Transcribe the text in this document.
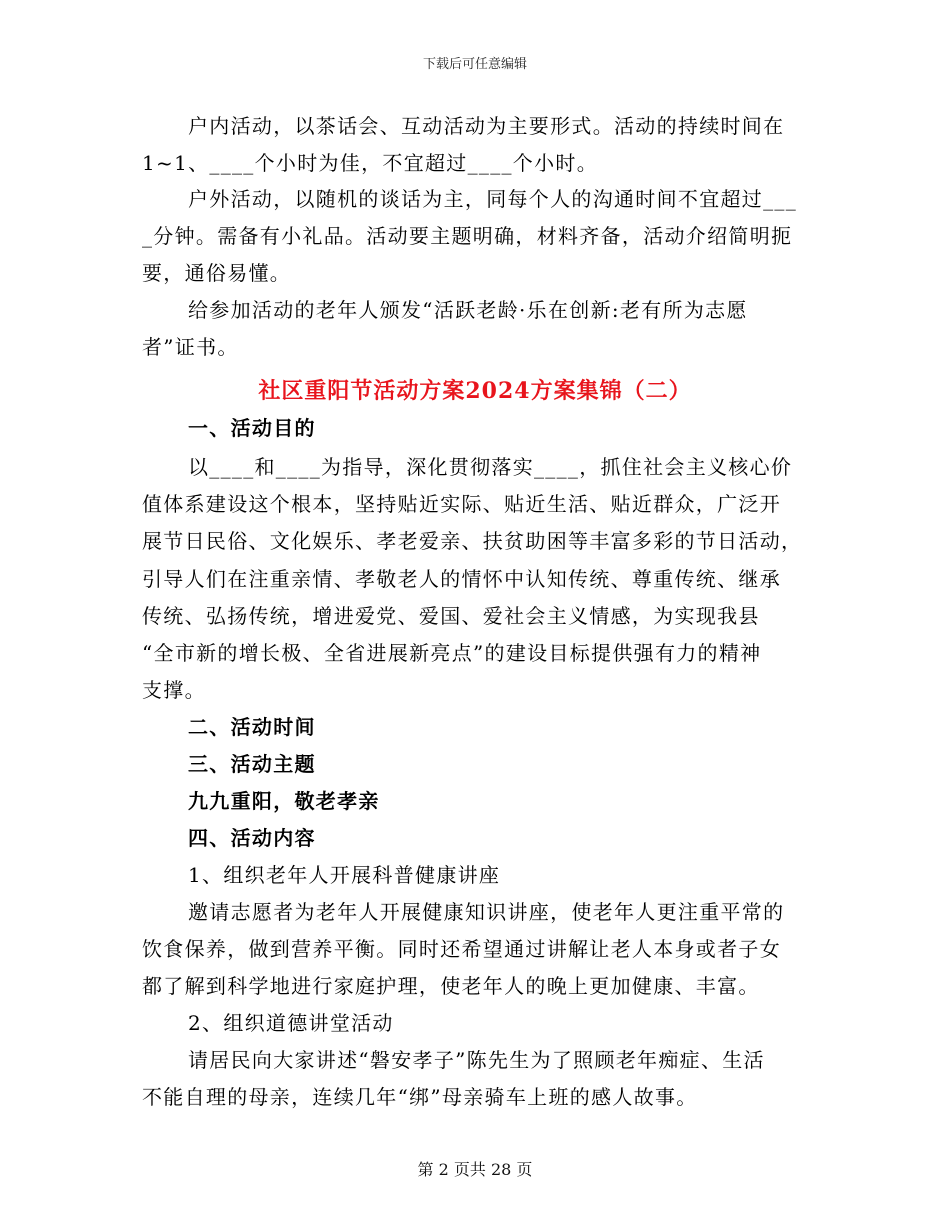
下载后可任意编辑
户内活动，以茶话会、互动活动为主要形式。活动的持续时间在
1~1、____个小时为佳，不宜超过____个小时。
户外活动，以随机的谈话为主，同每个人的沟通时间不宜超过___
_分钟。需备有小礼品。活动要主题明确，材料齐备，活动介绍简明扼
要，通俗易懂。
给参加活动的老年人颁发“活跃老龄·乐在创新:老有所为志愿
者”证书。
社区重阳节活动方案2024方案集锦（二）
一、活动目的
以____和____为指导，深化贯彻落实____，抓住社会主义核心价
值体系建设这个根本，坚持贴近实际、贴近生活、贴近群众，广泛开
展节日民俗、文化娱乐、孝老爱亲、扶贫助困等丰富多彩的节日活动，
引导人们在注重亲情、孝敬老人的情怀中认知传统、尊重传统、继承
传统、弘扬传统，增进爱党、爱国、爱社会主义情感，为实现我县
“全市新的增长极、全省进展新亮点”的建设目标提供强有力的精神
支撑。
二、活动时间
三、活动主题
九九重阳，敬老孝亲
四、活动内容
1、组织老年人开展科普健康讲座
邀请志愿者为老年人开展健康知识讲座，使老年人更注重平常的
饮食保养，做到营养平衡。同时还希望通过讲解让老人本身或者子女
都了解到科学地进行家庭护理，使老年人的晚上更加健康、丰富。
2、组织道德讲堂活动
请居民向大家讲述“磐安孝子”陈先生为了照顾老年痴症、生活
不能自理的母亲，连续几年“绑”母亲骑车上班的感人故事。
第 2 页共 28 页
